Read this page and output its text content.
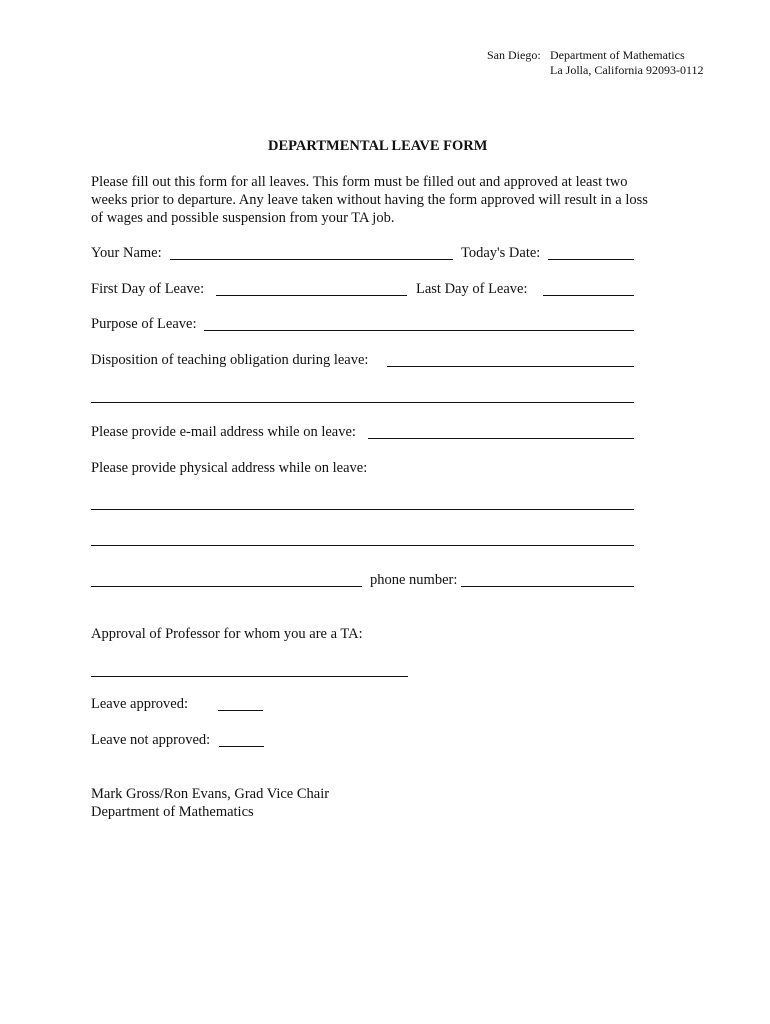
San Diego: Department of Mathematics
La Jolla, California 92093-0112
DEPARTMENTAL LEAVE FORM
Please fill out this form for all leaves. This form must be filled out and approved at least two
weeks prior to departure. Any leave taken without having the form approved will result in a loss
of wages and possible suspension from your TA job.
Your Name:	Today's Date:
First Day of Leave:	Last Day of Leave:
Purpose of Leave:
Disposition of teaching obligation during leave:
Please provide e-mail address while on leave:
Please provide physical address while on leave:
phone number:
Approval of Professor for whom you are a TA:
Leave approved:
Leave not approved:
Mark Gross/Ron Evans, Grad Vice Chair
Department of Mathematics
